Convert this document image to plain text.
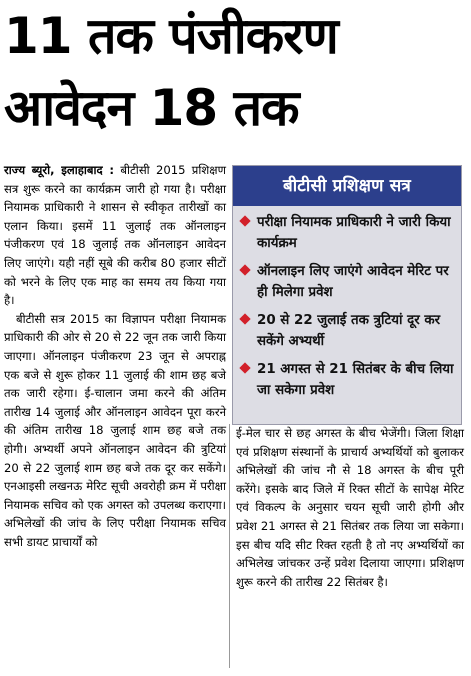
11 तक पंजीकरण
आवेदन 18 तक

राज्य ब्यूरो, इलाहाबाद : बीटीसी 2015 प्रशिक्षण सत्र शुरू करने का कार्यक्रम जारी हो गया है। परीक्षा नियामक प्राधिकारी ने शासन से स्वीकृत तारीखों का एलान किया। इसमें 11 जुलाई तक ऑनलाइन पंजीकरण एवं 18 जुलाई तक ऑनलाइन आवेदन लिए जाएंगे। यही नहीं सूबे की करीब 80 हजार सीटों को भरने के लिए एक माह का समय तय किया गया है।

बीटीसी सत्र 2015 का विज्ञापन परीक्षा नियामक प्राधिकारी की ओर से 20 से 22 जून तक जारी किया जाएगा। ऑनलाइन पंजीकरण 23 जून से अपराह्न एक बजे से शुरू होकर 11 जुलाई की शाम छह बजे तक जारी रहेगा। ई-चालान जमा करने की अंतिम तारीख 14 जुलाई और ऑनलाइन आवेदन पूरा करने की अंतिम तारीख 18 जुलाई शाम छह बजे तक होगी। अभ्यर्थी अपने ऑनलाइन आवेदन की त्रुटियां 20 से 22 जुलाई शाम छह बजे तक दूर कर सकेंगे। एनआइसी लखनऊ मेरिट सूची अवरोही क्रम में परीक्षा नियामक सचिव को एक अगस्त को उपलब्ध कराएगा। अभिलेखों की जांच के लिए परीक्षा नियामक सचिव सभी डायट प्राचार्यों को

बीटीसी प्रशिक्षण सत्र
परीक्षा नियामक प्राधिकारी ने जारी किया कार्यक्रम
ऑनलाइन लिए जाएंगे आवेदन मेरिट पर ही मिलेगा प्रवेश
20 से 22 जुलाई तक त्रुटियां दूर कर सकेंगे अभ्यर्थी
21 अगस्त से 21 सितंबर के बीच लिया जा सकेगा प्रवेश

ई-मेल चार से छह अगस्त के बीच भेजेंगी। जिला शिक्षा एवं प्रशिक्षण संस्थानों के प्राचार्य अभ्यर्थियों को बुलाकर अभिलेखों की जांच नौ से 18 अगस्त के बीच पूरी करेंगे। इसके बाद जिले में रिक्त सीटों के सापेक्ष मेरिट एवं विकल्प के अनुसार चयन सूची जारी होगी और प्रवेश 21 अगस्त से 21 सितंबर तक लिया जा सकेगा। इस बीच यदि सीट रिक्त रहती है तो नए अभ्यर्थियों का अभिलेख जांचकर उन्हें प्रवेश दिलाया जाएगा। प्रशिक्षण शुरू करने की तारीख 22 सितंबर है।
